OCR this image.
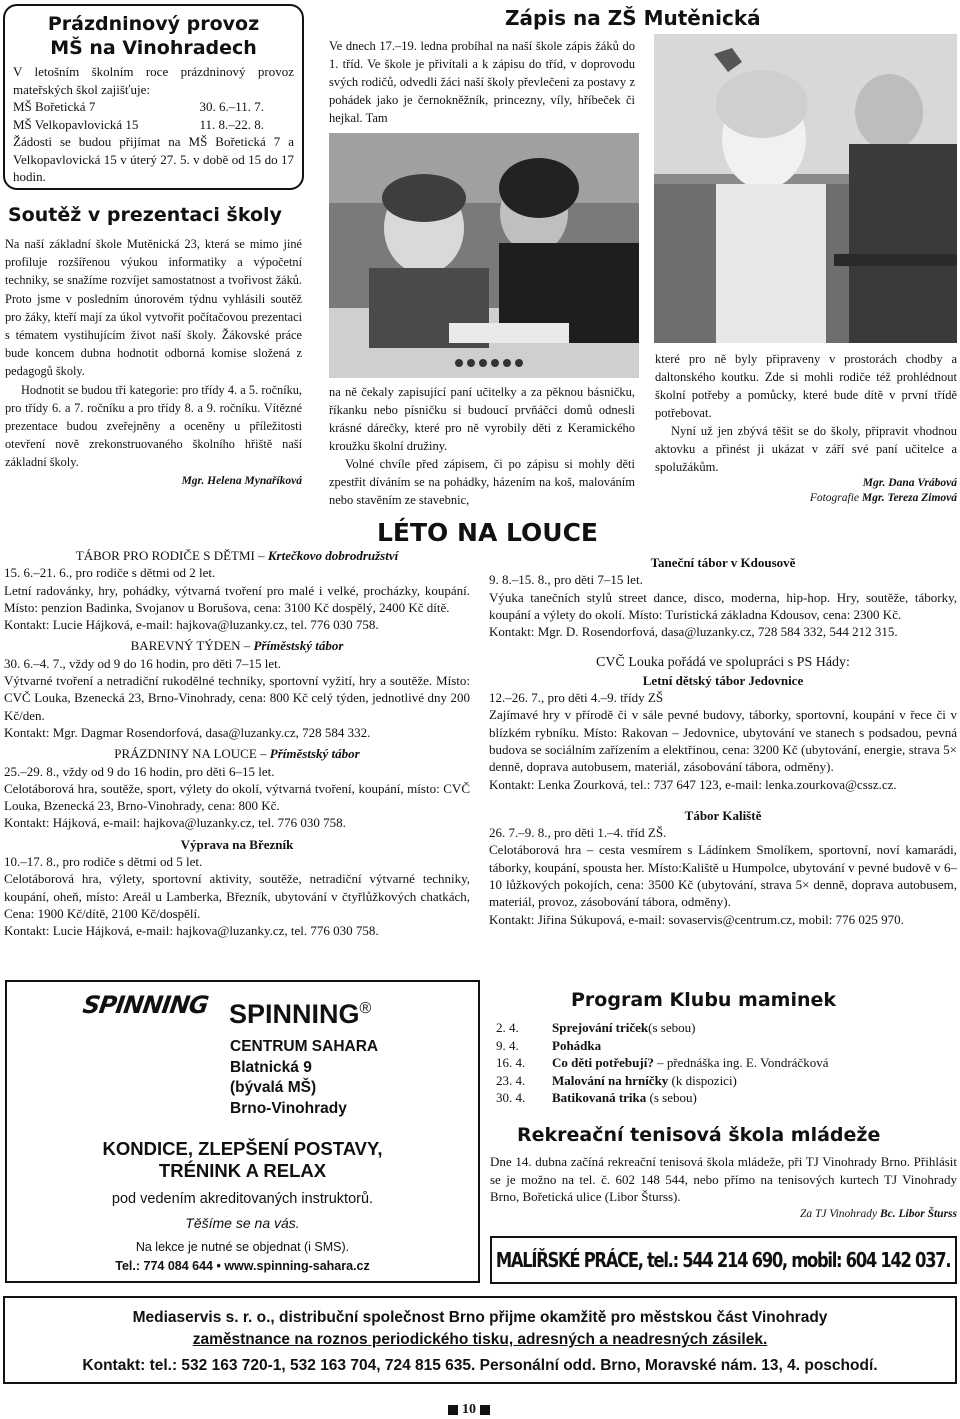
Prázdninový provoz
MŠ na Vinohradech
V letošním školním roce prázdninový provoz mateřských škol zajišťuje:
MŠ Bořetická 7	30. 6.–11. 7.
MŠ Velkopavlovická 15	11. 8.–22. 8.
Žádosti se budou přijímat na MŠ Bořetická 7 a Velkopavlovická 15 v úterý 27. 5. v době od 15 do 17 hodin.
Soutěž v prezentaci školy

Na naší základní škole Mutěnická 23, která se mimo jiné profiluje rozšířenou výukou informatiky a výpočetní techniky, se snažíme rozvíjet samostatnost a tvořivost žáků. Proto jsme v posledním únorovém týdnu vyhlásili soutěž pro žáky, kteří mají za úkol vytvořit počítačovou prezentaci s tématem vystihujícím život naší školy. Žákovské práce bude koncem dubna hodnotit odborná komise složená z pedagogů školy.

Hodnotit se budou tři kategorie: pro třídy 4. a 5. ročníku, pro třídy 6. a 7. ročníku a pro třídy 8. a 9. ročníku. Vítězné prezentace budou zveřejněny a oceněny u příležitosti otevření nově zrekonstruovaného školního hřiště naší základní školy.

Mgr. Helena Mynaříková
Zápis na ZŠ Mutěnická
Ve dnech 17.–19. ledna probíhal na naší škole zápis žáků do 1. tříd. Ve škole je přivítali a k zápisu do tříd, v doprovodu svých rodičů, odvedli žáci naší školy převlečeni za postavy z pohádek jako je černokněžník, princezny, víly, hříbeček či hejkal. Tam

na ně čekaly zapisující paní učitelky a za pěknou básničku, říkanku nebo písničku si budoucí prvňáčci domů odnesli krásné dárečky, které pro ně vyrobily děti z Keramického kroužku školní družiny.

Volné chvíle před zápisem, či po zápisu si mohly děti zpestřit díváním se na pohádky, házením na koš, malováním nebo stavěním ze stavebnic,

které pro ně byly připraveny v prostorách chodby a daltonského koutku. Zde si mohli rodiče též prohlédnout školní potřeby a pomůcky, které bude dítě v první třídě potřebovat.

Nyní už jen zbývá těšit se do školy, připravit vhodnou aktovku a přinést ji ukázat v září své paní učitelce a spolužákům.

Mgr. Dana Vrábová
Fotografie Mgr. Tereza Zimová
LÉTO NA LOUCE
TÁBOR PRO RODIČE S DĚTMI – Krtečkovo dobrodružství
15. 6.–21. 6., pro rodiče s dětmi od 2 let.
Letní radovánky, hry, pohádky, výtvarná tvoření pro malé i velké, procházky, koupání. Místo: penzion Badinka, Svojanov u Borušova, cena: 3100 Kč dospělý, 2400 Kč dítě.
Kontakt: Lucie Hájková, e-mail: hajkova@luzanky.cz, tel. 776 030 758.
BAREVNÝ TÝDEN – Příměstský tábor
30. 6.–4. 7., vždy od 9 do 16 hodin, pro děti 7–15 let.
Výtvarné tvoření a netradiční rukodělné techniky, sportovní vyžití, hry a soutěže. Místo: CVČ Louka, Bzenecká 23, Brno-Vinohrady, cena: 800 Kč celý týden, jednotlivé dny 200 Kč/den.
Kontakt: Mgr. Dagmar Rosendorfová, dasa@luzanky.cz, 728 584 332.
PRÁZDNINY NA LOUCE – Příměstský tábor
25.–29. 8., vždy od 9 do 16 hodin, pro děti 6–15 let.
Celotáborová hra, soutěže, sport, výlety do okolí, výtvarná tvoření, koupání, místo: CVČ Louka, Bzenecká 23, Brno-Vinohrady, cena: 800 Kč.
Kontakt: Hájková, e-mail: hajkova@luzanky.cz, tel. 776 030 758.
Výprava na Březník
10.–17. 8., pro rodiče s dětmi od 5 let.
Celotáborová hra, výlety, sportovní aktivity, soutěže, netradiční výtvarné techniky, koupání, oheň, místo: Areál u Lamberka, Březník, ubytování v čtyřlůžkových chatkách, Cena: 1900 Kč/dítě, 2100 Kč/dospělí.
Kontakt: Lucie Hájková, e-mail: hajkova@luzanky.cz, tel. 776 030 758.
Taneční tábor v Kdousově
9. 8.–15. 8., pro děti 7–15 let.
Výuka tanečních stylů street dance, disco, moderna, hip-hop. Hry, soutěže, táborky, koupání a výlety do okolí. Místo: Turistická základna Kdousov, cena: 2300 Kč.
Kontakt: Mgr. D. Rosendorfová, dasa@luzanky.cz, 728 584 332, 544 212 315.
CVČ Louka pořádá ve spolupráci s PS Hády:
Letní dětský tábor Jedovnice
12.–26. 7., pro děti 4.–9. třídy ZŠ
Zajímavé hry v přírodě či v sále pevné budovy, táborky, sportovní, koupání v řece či v blízkém rybníku. Místo: Rakovan – Jedovnice, ubytování ve stanech s podsadou, pevná budova se sociálním zařízením a elektřinou, cena: 3200 Kč (ubytování, energie, strava 5× denně, doprava autobusem, materiál, zásobování tábora, odměny).
Kontakt: Lenka Zourková, tel.: 737 647 123, e-mail: lenka.zourkova@cssz.cz.
Tábor Kaliště
26. 7.–9. 8., pro děti 1.–4. tříd ZŠ.
Celotáborová hra – cesta vesmírem s Ládínkem Smolíkem, sportovní, noví kamarádi, táborky, koupání, spousta her. Místo:Kaliště u Humpolce, ubytování v pevné budově v 6–10 lůžkových pokojích, cena: 3500 Kč (ubytování, strava 5× denně, doprava autobusem, materiál, provoz, zásobování tábora, odměny).
Kontakt: Jiřina Súkupová, e-mail: sovaservis@centrum.cz, mobil: 776 025 970.
SPINNING SPINNING®
CENTRUM SAHARA
Blatnická 9
(bývalá MŠ)
Brno-Vinohrady
KONDICE, ZLEPŠENÍ POSTAVY,
TRÉNINK A RELAX
pod vedením akreditovaných instruktorů.
Těšíme se na vás.
Na lekce je nutné se objednat (i SMS).
Tel.: 774 084 644 • www.spinning-sahara.cz
Program Klubu maminek
2. 4.	Sprejování triček (s sebou)
9. 4.	Pohádka
16. 4.	Co děti potřebují? – přednáška ing. E. Vondráčková
23. 4.	Malování na hrníčky (k dispozici)
30. 4.	Batikovaná trika (s sebou)
Rekreační tenisová škola mládeže
Dne 14. dubna začíná rekreační tenisová škola mládeže, při TJ Vinohrady Brno. Přihlásit se je možno na tel. č. 602 148 544, nebo přímo na tenisových kurtech TJ Vinohrady Brno, Bořetická ulice (Libor Šturss).
Za TJ Vinohrady Bc. Libor Šturss
MALÍŘSKÉ PRÁCE, tel.: 544 214 690, mobil: 604 142 037.
Mediaservis s. r. o., distribuční společnost Brno přijme okamžitě pro městskou část Vinohrady
zaměstnance na roznos periodického tisku, adresných a neadresných zásilek.
Kontakt: tel.: 532 163 720-1, 532 163 704, 724 815 635. Personální odd. Brno, Moravské nám. 13, 4. poschodí.
10
